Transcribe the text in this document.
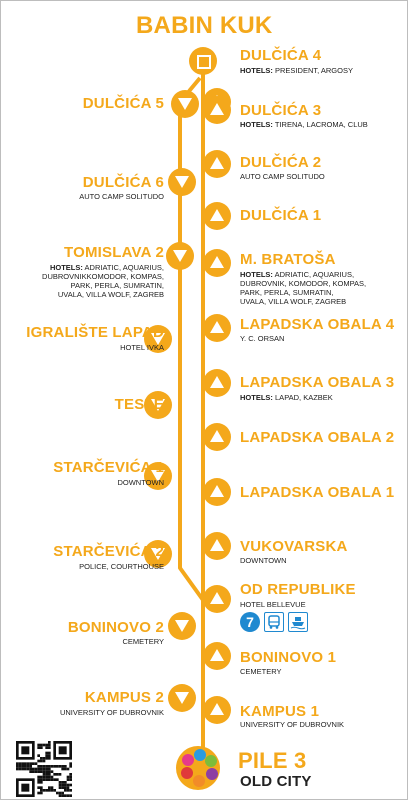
BABIN KUK
DULČIĆA 4
HOTELS: PRESIDENT, ARGOSY
DULČIĆA 3
HOTELS: TIRENA, LACROMA, CLUB
DULČIĆA 2
AUTO CAMP SOLITUDO
DULČIĆA 1
M. BRATOŠA
HOTELS: ADRIATIC, AQUARIUS,
DUBROVNIK, KOMODOR, KOMPAS,
PARK, PERLA, SUMRATIN,
UVALA, VILLA WOLF, ZAGREB
LAPADSKA OBALA 4
Y. C. ORSAN
LAPADSKA OBALA 3
HOTELS: LAPAD, KAZBEK
LAPADSKA OBALA 2
LAPADSKA OBALA 1
VUKOVARSKA
DOWNTOWN
OD REPUBLIKE
HOTEL BELLEVUE
7
BONINOVO 1
CEMETERY
KAMPUS 1
UNIVERSITY OF DUBROVNIK
DULČIĆA 5
DULČIĆA 6
AUTO CAMP SOLITUDO
TOMISLAVA 2
HOTELS: ADRIATIC, AQUARIUS,
DUBROVNIKKOMODOR, KOMPAS,
PARK, PERLA, SUMRATIN,
UVALA, VILLA WOLF, ZAGREB
IGRALIŠTE LAPAD
HOTEL IVKA
TESLE
STARČEVIĆA 1
DOWNTOWN
STARČEVIĆA 2
POLICE, COURTHOUSE
BONINOVO 2
CEMETERY
KAMPUS 2
UNIVERSITY OF DUBROVNIK
PILE 3
OLD CITY
